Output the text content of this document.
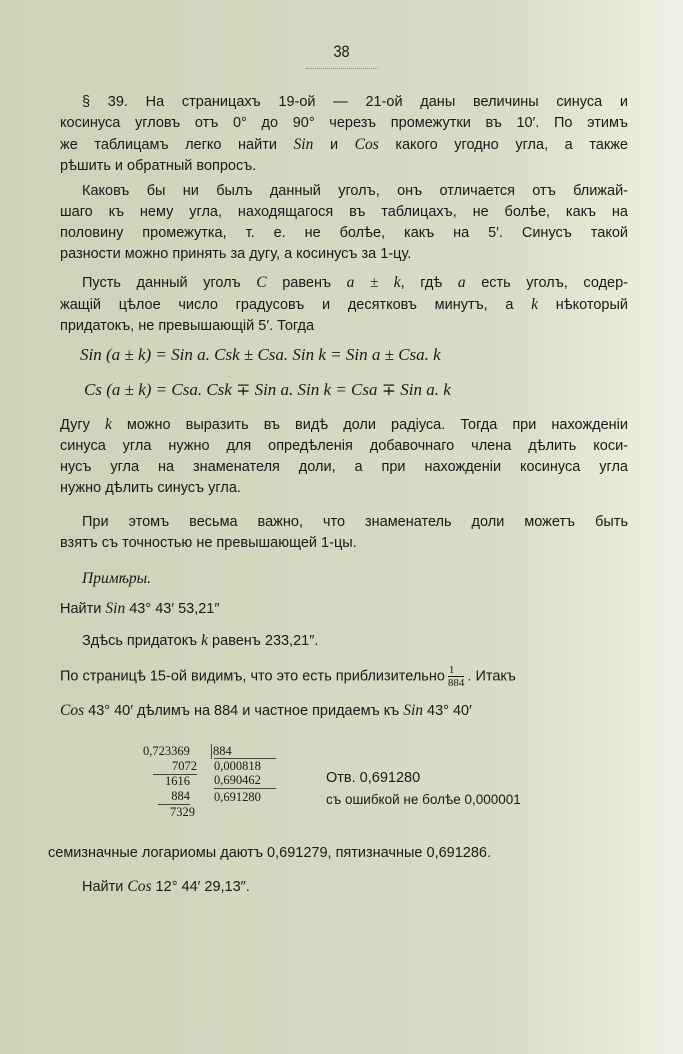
38
§ 39. На страницахъ 19-ой — 21-ой даны величины синуса и
косинуса угловъ отъ 0° до 90° черезъ промежутки въ 10′. По этимъ
же таблицамъ легко найти Sin и Cos какого угодно угла, а также
рѣшить и обратный вопросъ.
Каковъ бы ни былъ данный уголъ, онъ отличается отъ ближай-
шаго къ нему угла, находящагося въ таблицахъ, не болѣе, какъ на
половину промежутка, т. е. не болѣе, какъ на 5′. Синусъ такой
разности можно принять за дугу, а косинусъ за 1-цу.
Пусть данный уголъ C равенъ a ± k, гдѣ a есть уголъ, содер-
жащій цѣлое число градусовъ и десятковъ минутъ, а k нѣкоторый
придатокъ, не превышающій 5′. Тогда
Sin (a ± k) = Sin a. Csk ± Csa. Sin k = Sin a ± Csa. k
Cs (a ± k) = Csa. Csk ∓ Sin a. Sin k = Csa ∓ Sin a. k
Дугу k можно выразить въ видѣ доли радіуса. Тогда при нахожденіи
синуса угла нужно для опредѣленія добавочнаго члена дѣлить коси-
нусъ угла на знаменателя доли, а при нахожденіи косинуса угла
нужно дѣлить синусъ угла.
При этомъ весьма важно, что знаменатель доли можетъ быть
взятъ съ точностью не превышающей 1-цы.
Примѣры.
Найти Sin 43° 43′ 53,21″
Здѣсь придатокъ k равенъ 233,21″.
По страницѣ 15-ой видимъ, что это есть приблизительно $\frac{1}{884}$ . Итакъ
Cos 43° 40′ дѣлимъ на 884 и частное придаемъ къ Sin 43° 40′
0,723369 884
7072
1616
884
7329
0,000818
0,690462
0,691280
Отв. 0,691280
съ ошибкой не болѣе 0,000001
семизначные логариомы даютъ 0,691279, пятизначные 0,691286.
Найти Cos 12° 44′ 29,13″.
